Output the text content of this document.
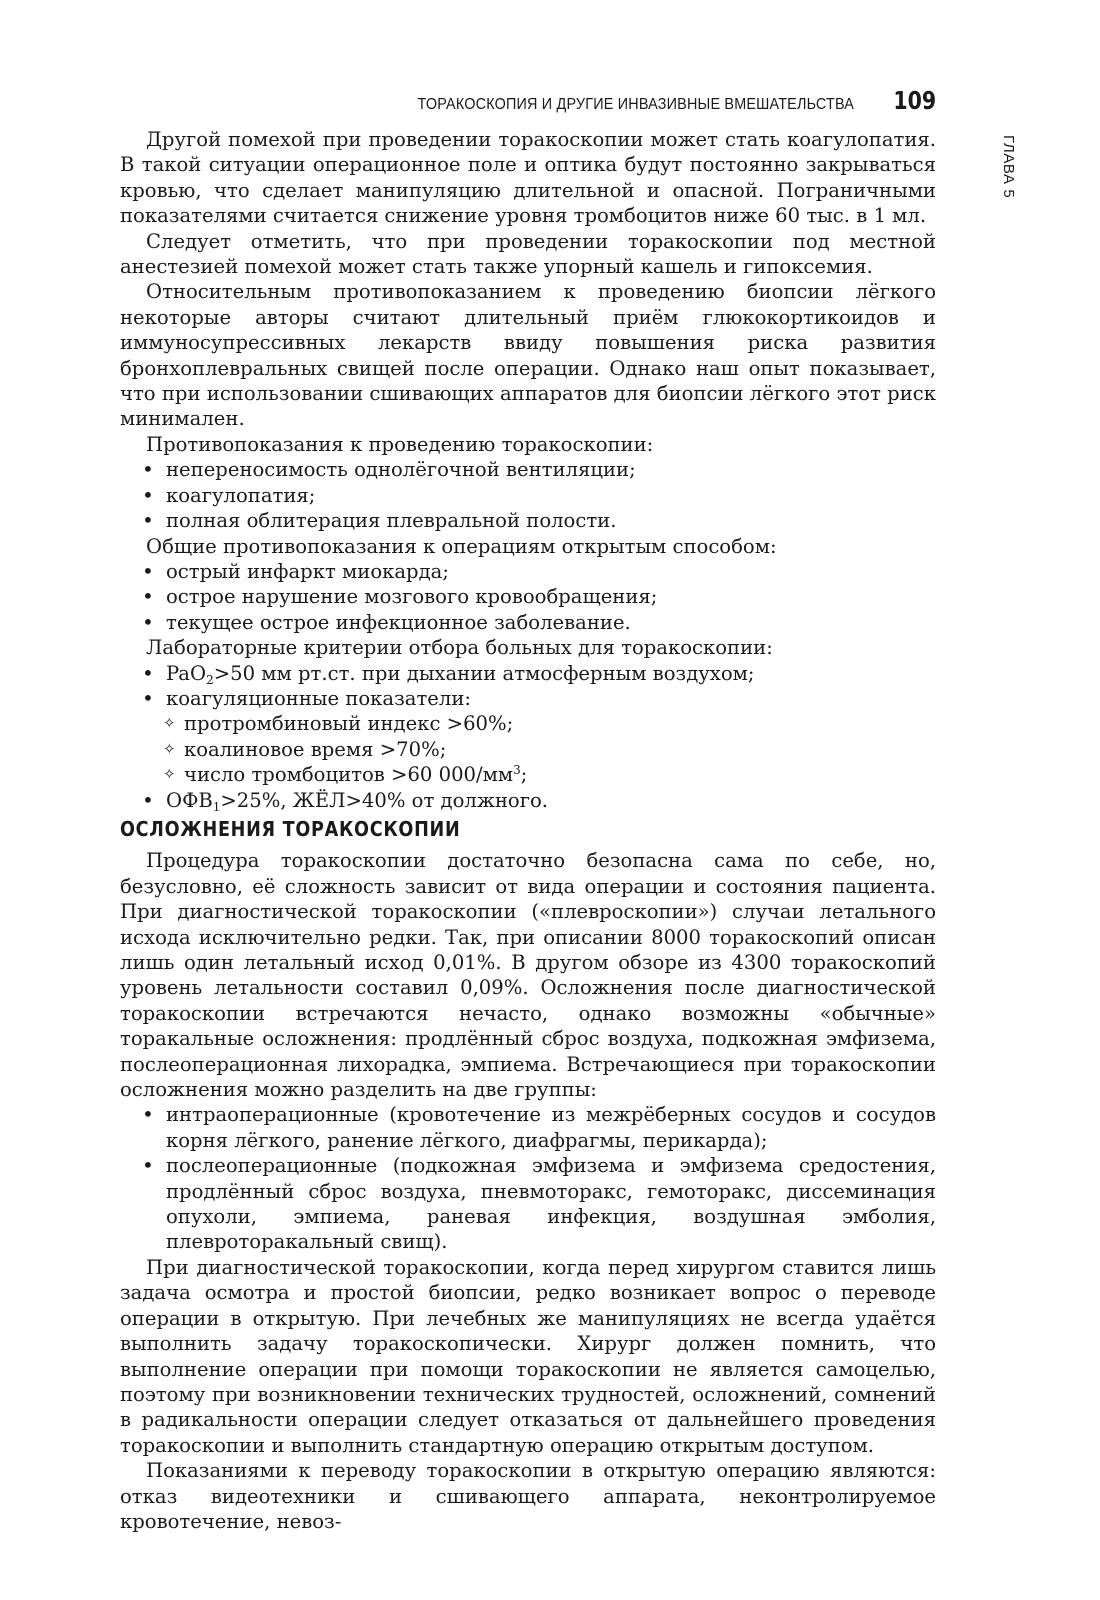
ТОРАКОСКОПИЯ И ДРУГИЕ ИНВАЗИВНЫЕ ВМЕШАТЕЛЬСТВА 109
ГЛАВА 5

Другой помехой при проведении торакоскопии может стать коагулопатия. В такой ситуации операционное поле и оптика будут постоянно закрываться кровью, что сделает манипуляцию длительной и опасной. Пограничными показателями считается снижение уровня тромбоцитов ниже 60 тыс. в 1 мл.

Следует отметить, что при проведении торакоскопии под местной анестезией помехой может стать также упорный кашель и гипоксемия.

Относительным противопоказанием к проведению биопсии лёгкого некоторые авторы считают длительный приём глюкокортикоидов и иммуносупрессивных лекарств ввиду повышения риска развития бронхоплевральных свищей после операции. Однако наш опыт показывает, что при использовании сшивающих аппаратов для биопсии лёгкого этот риск минимален.

Противопоказания к проведению торакоскопии:

• непереносимость однолёгочной вентиляции;
• коагулопатия;
• полная облитерация плевральной полости.

Общие противопоказания к операциям открытым способом:

• острый инфаркт миокарда;
• острое нарушение мозгового кровообращения;
• текущее острое инфекционное заболевание.

Лабораторные критерии отбора больных для торакоскопии:

• PaO$_2$>50 мм рт.ст. при дыхании атмосферным воздухом;
• коагуляционные показатели:
✧ протромбиновый индекс >60%;
✧ коалиновое время >70%;
✧ число тромбоцитов >60 $000/мм^3$;
• $ОФВ_1>25\%$, ЖЁЛ>40% от должного.
ОСЛОЖНЕНИЯ ТОРАКОСКОПИИ

Процедура торакоскопии достаточно безопасна сама по себе, но, безусловно, её сложность зависит от вида операции и состояния пациента. При диагностической торакоскопии («плевроскопии») случаи летального исхода исключительно редки. Так, при описании 8000 торакоскопий описан лишь один летальный исход 0,01%. В другом обзоре из 4300 торакоскопий уровень летальности составил 0,09%. Осложнения после диагностической торакоскопии встречаются нечасто, однако возможны «обычные» торакальные осложнения: продлённый сброс воздуха, подкожная эмфизема, послеоперационная лихорадка, эмпиема. Встречающиеся при торакоскопии осложнения можно разделить на две группы:

• интраоперационные (кровотечение из межрёберных сосудов и сосудов корня лёгкого, ранение лёгкого, диафрагмы, перикарда);
• послеоперационные (подкожная эмфизема и эмфизема средостения, продлённый сброс воздуха, пневмоторакс, гемоторакс, диссеминация опухоли, эмпиема, раневая инфекция, воздушная эмболия, плевроторакальный свищ).

При диагностической торакоскопии, когда перед хирургом ставится лишь задача осмотра и простой биопсии, редко возникает вопрос о переводе операции в открытую. При лечебных же манипуляциях не всегда удаётся выполнить задачу торакоскопически. Хирург должен помнить, что выполнение операции при помощи торакоскопии не является самоцелью, поэтому при возникновении технических трудностей, осложнений, сомнений в радикальности операции следует отказаться от дальнейшего проведения торакоскопии и выполнить стандартную операцию открытым доступом.

Показаниями к переводу торакоскопии в открытую операцию являются: отказ видеотехники и сшивающего аппарата, неконтролируемое кровотечение, невоз-
